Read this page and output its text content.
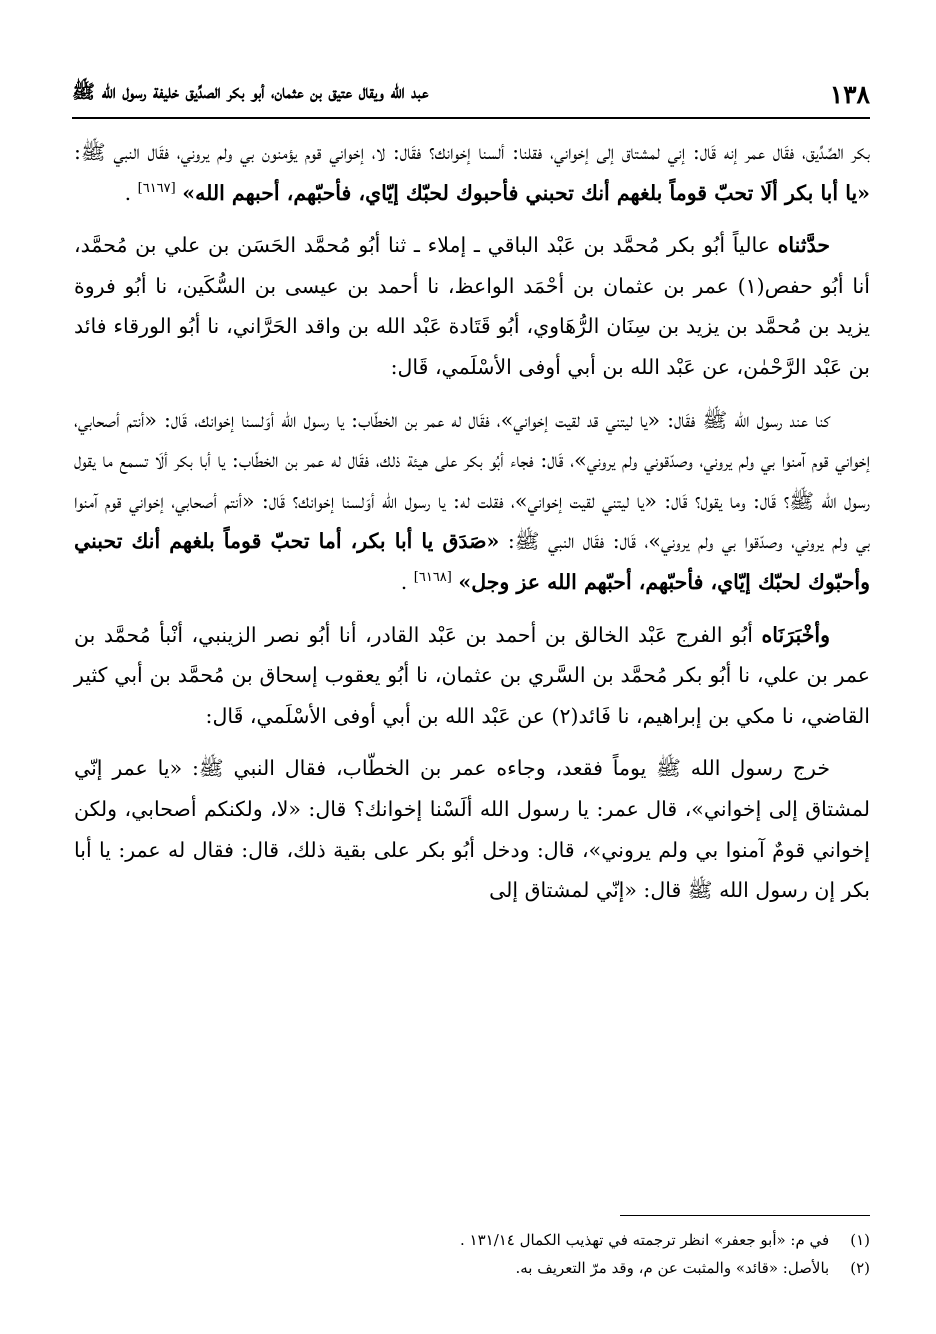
١٣٨
عبد الله ويقال عتيق بن عثمان، أبو بكر الصدِّيق خليفة رسول الله ﷺ

بكر الصِّدِّيق، فقَال عمر إنه قَال: إني لمشتاق إلى إخواني، فقلنا: ألسنا إخوانك؟ فقَال: لا، إخواني قوم يؤمنون بي ولم يروني، فقَال النبي ﷺ: «يا أبا بكر ألَا تحبّ قوماً بلغهم أنك تحبني فأحبوك لحبّك إيّاي، فأحبّهم، أحبهم الله» [٦١٦٧] .

حدَّثناه عالياً أبُو بكر مُحمَّد بن عَبْد الباقي ـ إملاء ـ ثنا أبُو مُحمَّد الحَسَن بن علي بن مُحمَّد، أنا أبُو حفص(١) عمر بن عثمان بن أحْمَد الواعظ، نا أحمد بن عيسى بن السُّكَين، نا أبُو فروة يزيد بن مُحمَّد بن يزيد بن سِنَان الرُّهَاوي، أبُو قَتَادة عَبْد الله بن واقد الحَرَّاني، نا أبُو الورقاء فائد بن عَبْد الرَّحْمٰن، عن عَبْد الله بن أبي أوفى الأسْلَمي، قَال:

كنا عند رسول الله ﷺ فقَال: «يا ليتني قد لقيت إخواني»، فقَال له عمر بن الخطّاب: يا رسول الله أوَلسنا إخوانك، قَال: «أنتم أصحابي، إخواني قوم آمنوا بي ولم يروني، وصدّقوني ولم يروني»، قَال: فجاء أبُو بكر على هيئة ذلك، فقَال له عمر بن الخطّاب: يا أبا بكر ألَا تسمع ما يقول رسول الله ﷺ؟ قَال: وما يقول؟ قَال: «يا ليتني لقيت إخواني»، فقلت له: يا رسول الله أوَلسنا إخوانك؟ قَال: «أنتم أصحابي، إخواني قوم آمنوا بي ولم يروني، وصدّقوا بي ولم يروني»، قَال: فقَال النبي ﷺ: «صَدَق يا أبا بكر، أما تحبّ قوماً بلغهم أنك تحبني وأحبّوك لحبّك إيّاي، فأحبّهم، أحبّهم الله عز وجل» [٦١٦٨] .

وأخْبَرَنَاه أبُو الفرج عَبْد الخالق بن أحمد بن عَبْد القادر، أنا أبُو نصر الزينبي، أنْبأ مُحمَّد بن عمر بن علي، نا أبُو بكر مُحمَّد بن السَّري بن عثمان، نا أبُو يعقوب إسحاق بن مُحمَّد بن أبي كثير القاضي، نا مكي بن إبراهيم، نا فَائد(٢) عن عَبْد الله بن أبي أوفى الأسْلَمي، قَال:

خرج رسول الله ﷺ يوماً فقعد، وجاءه عمر بن الخطّاب، فقال النبي ﷺ: «يا عمر إنّي لمشتاق إلى إخواني»، قال عمر: يا رسول الله ألَسْنا إخوانك؟ قال: «لا، ولكنكم أصحابي، ولكن إخواني قومٌ آمنوا بي ولم يروني»، قال: ودخل أبُو بكر على بقية ذلك، قال: فقال له عمر: يا أبا بكر إن رسول الله ﷺ قال: «إنّي لمشتاق إلى

(١) في م: «أبو جعفر» انظر ترجمته في تهذيب الكمال ١٣١/١٤ .
(٢) بالأصل: «قائد» والمثبت عن م، وقد مرّ التعريف به.
